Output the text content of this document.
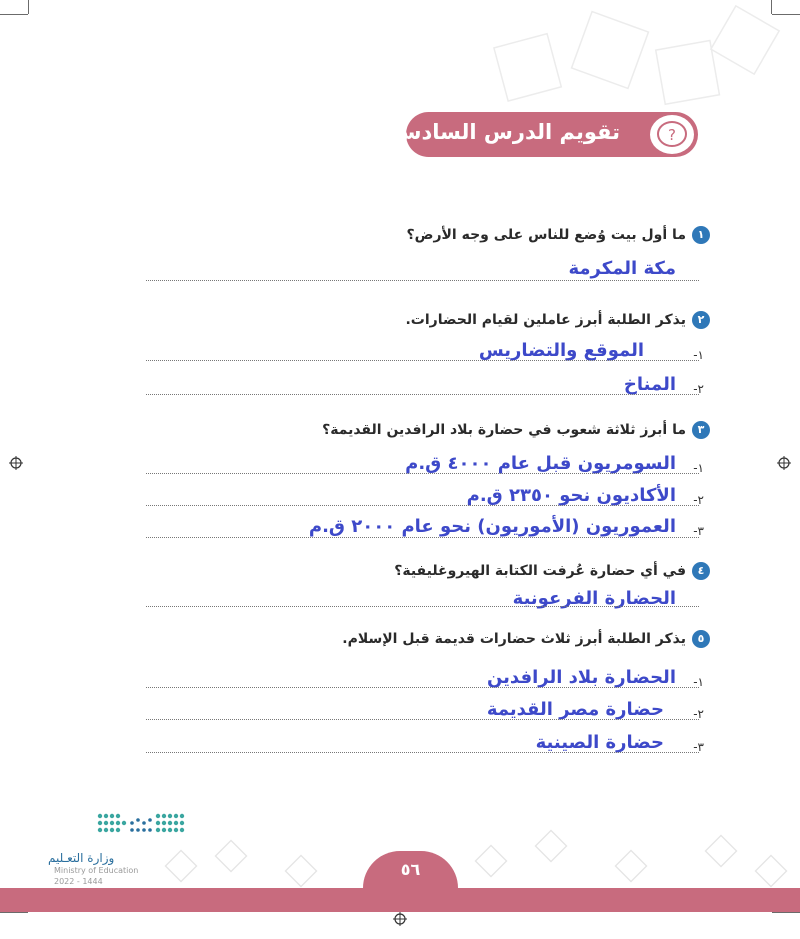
تقويم الدرس السادس	?
١ما أول بيت وُضع للناس على وجه الأرض؟
مكة المكرمة
٢يذكر الطلبة أبرز عاملين لقيام الحضارات.
١-
الموقع والتضاريس
٢-
المناخ
٣ما أبرز ثلاثة شعوب في حضارة بلاد الرافدين القديمة؟
١-
السومريون قبل عام ٤٠٠٠ ق.م
٢-
الأكاديون نحو ٢٣٥٠ ق.م
٣-
العموريون (الأموريون) نحو عام ٢٠٠٠ ق.م
٤في أي حضارة عُرفت الكتابة الهيروغليفية؟
الحضارة الفرعونية
٥يذكر الطلبة أبرز ثلاث حضارات قديمة قبل الإسلام.
١-
الحضارة بلاد الرافدين
٢-
حضارة مصر القديمة
٣-
حضارة الصينية
وزارة التعـليم
Ministry of Education
2022 - 1444
٥٦
